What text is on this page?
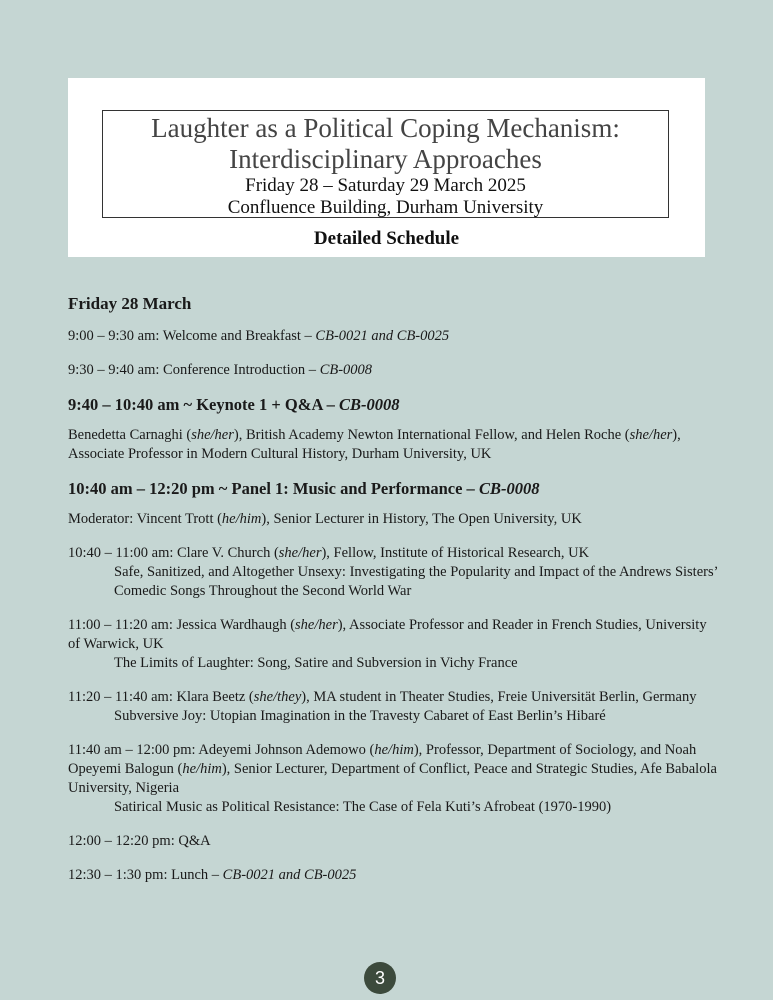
Laughter as a Political Coping Mechanism:
Interdisciplinary Approaches
Friday 28 – Saturday 29 March 2025
Confluence Building, Durham University
Detailed Schedule
Friday 28 March

9:00 – 9:30 am: Welcome and Breakfast – CB-0021 and CB-0025

9:30 – 9:40 am: Conference Introduction – CB-0008

9:40 – 10:40 am ~ Keynote 1 + Q&A – CB-0008

Benedetta Carnaghi (she/her), British Academy Newton International Fellow, and Helen Roche (she/her), Associate Professor in Modern Cultural History, Durham University, UK

10:40 am – 12:20 pm ~ Panel 1: Music and Performance – CB-0008

Moderator: Vincent Trott (he/him), Senior Lecturer in History, The Open University, UK

10:40 – 11:00 am: Clare V. Church (she/her), Fellow, Institute of Historical Research, UK
Safe, Sanitized, and Altogether Unsexy: Investigating the Popularity and Impact of the Andrews Sisters’ Comedic Songs Throughout the Second World War
11:00 – 11:20 am: Jessica Wardhaugh (she/her), Associate Professor and Reader in French Studies, University of Warwick, UK
The Limits of Laughter: Song, Satire and Subversion in Vichy France
11:20 – 11:40 am: Klara Beetz (she/they), MA student in Theater Studies, Freie Universität Berlin, Germany
Subversive Joy: Utopian Imagination in the Travesty Cabaret of East Berlin’s Hibaré
11:40 am – 12:00 pm: Adeyemi Johnson Ademowo (he/him), Professor, Department of Sociology, and Noah Opeyemi Balogun (he/him), Senior Lecturer, Department of Conflict, Peace and Strategic Studies, Afe Babalola University, Nigeria
Satirical Music as Political Resistance: The Case of Fela Kuti’s Afrobeat (1970-1990)

12:00 – 12:20 pm: Q&A

12:30 – 1:30 pm: Lunch – CB-0021 and CB-0025

3
